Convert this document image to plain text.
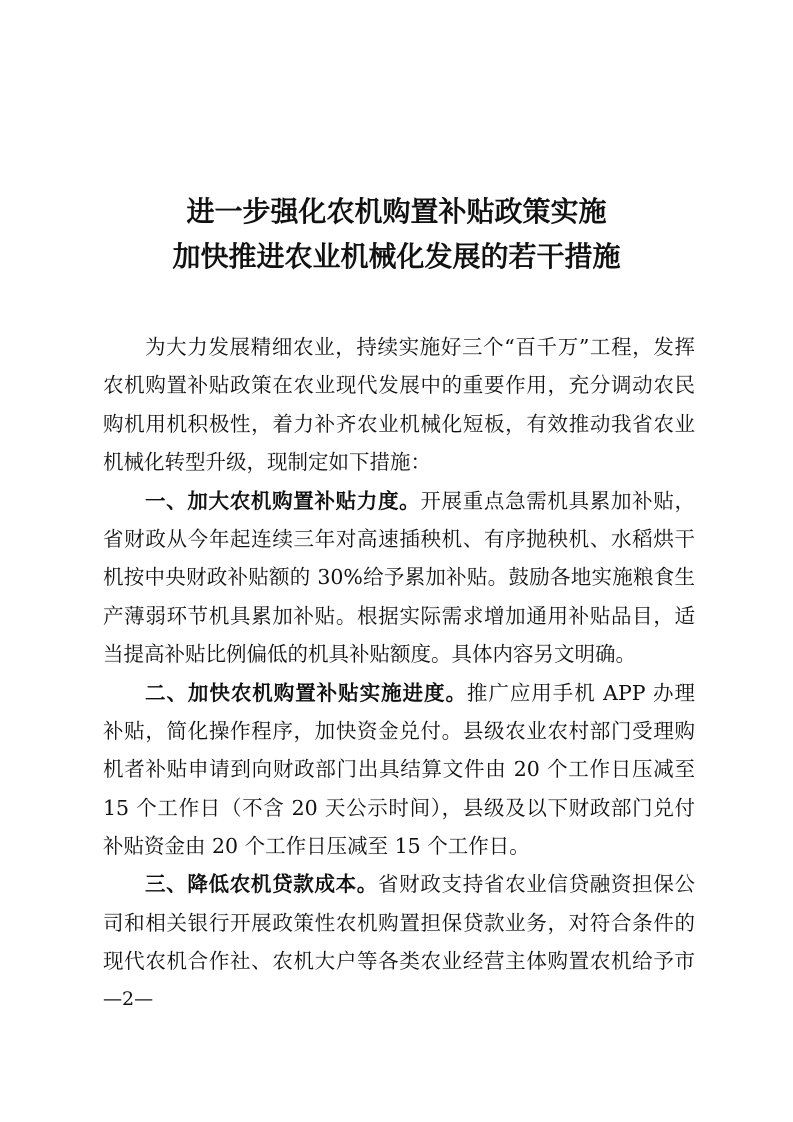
进一步强化农机购置补贴政策实施
加快推进农业机械化发展的若干措施
为大力发展精细农业，持续实施好三个“百千万”工程，发挥
农机购置补贴政策在农业现代发展中的重要作用，充分调动农民
购机用机积极性，着力补齐农业机械化短板，有效推动我省农业
机械化转型升级，现制定如下措施：
一、加大农机购置补贴力度。开展重点急需机具累加补贴，
省财政从今年起连续三年对高速插秧机、有序抛秧机、水稻烘干
机按中央财政补贴额的 30%给予累加补贴。鼓励各地实施粮食生
产薄弱环节机具累加补贴。根据实际需求增加通用补贴品目，适
当提高补贴比例偏低的机具补贴额度。具体内容另文明确。
二、加快农机购置补贴实施进度。推广应用手机 APP 办理
补贴，简化操作程序，加快资金兑付。县级农业农村部门受理购
机者补贴申请到向财政部门出具结算文件由 20 个工作日压减至
15 个工作日（不含 20 天公示时间），县级及以下财政部门兑付
补贴资金由 20 个工作日压减至 15 个工作日。
三、降低农机贷款成本。省财政支持省农业信贷融资担保公
司和相关银行开展政策性农机购置担保贷款业务，对符合条件的
现代农机合作社、农机大户等各类农业经营主体购置农机给予市
—2—
